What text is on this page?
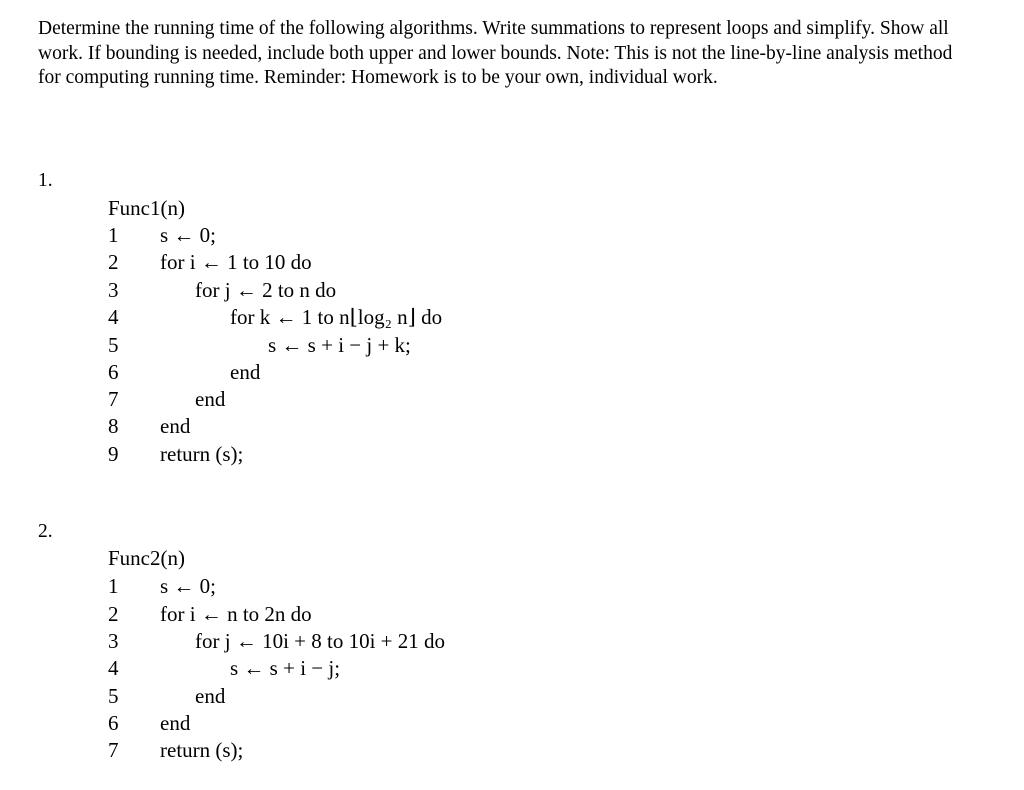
Determine the running time of the following algorithms. Write summations to represent loops and simplify. Show all work. If bounding is needed, include both upper and lower bounds. Note: This is not the line-by-line analysis method for computing running time. Reminder: Homework is to be your own, individual work.

1.
Func1(n)
1	s ← 0;
2	for i ← 1 to 10 do
3	for j ← 2 to n do
4	for k ← 1 to n⌊log₂ n⌋ do
5	s ← s + i − j + k;
6	end
7	end
8	end
9	return (s);
2.
Func2(n)
1	s ← 0;
2	for i ← n to 2n do
3	for j ← 10i + 8 to 10i + 21 do
4	s ← s + i − j;
5	end
6	end
7	return (s);
